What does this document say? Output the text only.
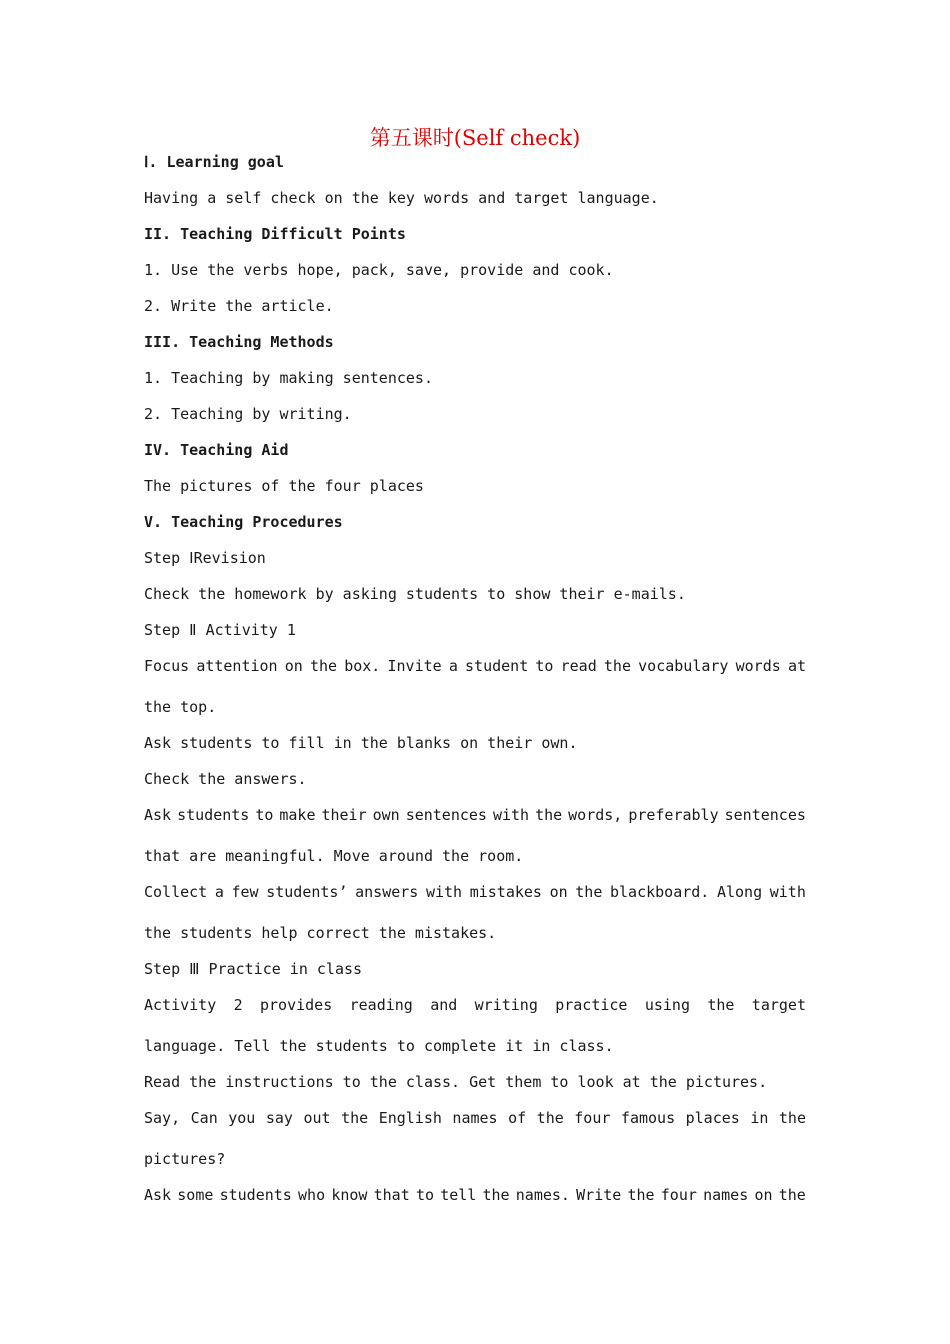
第五课时(Self check)
Ⅰ. Learning goal
Having a self check on the key words and target language.
II. Teaching Difficult Points
1. Use the verbs hope, pack, save, provide and cook.
2. Write the article.
III. Teaching Methods
1. Teaching by making sentences.
2. Teaching by writing.
IV. Teaching Aid
The pictures of the four places
V. Teaching Procedures
Step ⅠRevision
Check the homework by asking students to show their e-mails.
Step Ⅱ Activity 1
Focus attention on the box. Invite a student to read the vocabulary words at
the top.
Ask students to fill in the blanks on their own.
Check the answers.
Ask students to make their own sentences with the words, preferably sentences
that are meaningful. Move around the room.
Collect a few students’ answers with mistakes on the blackboard. Along with
the students help correct the mistakes.
Step Ⅲ Practice in class
Activity 2 provides reading and writing practice using the target
language. Tell the students to complete it in class.
Read the instructions to the class. Get them to look at the pictures.
Say, Can you say out the English names of the four famous places in the
pictures?
Ask some students who know that to tell the names. Write the four names on the
